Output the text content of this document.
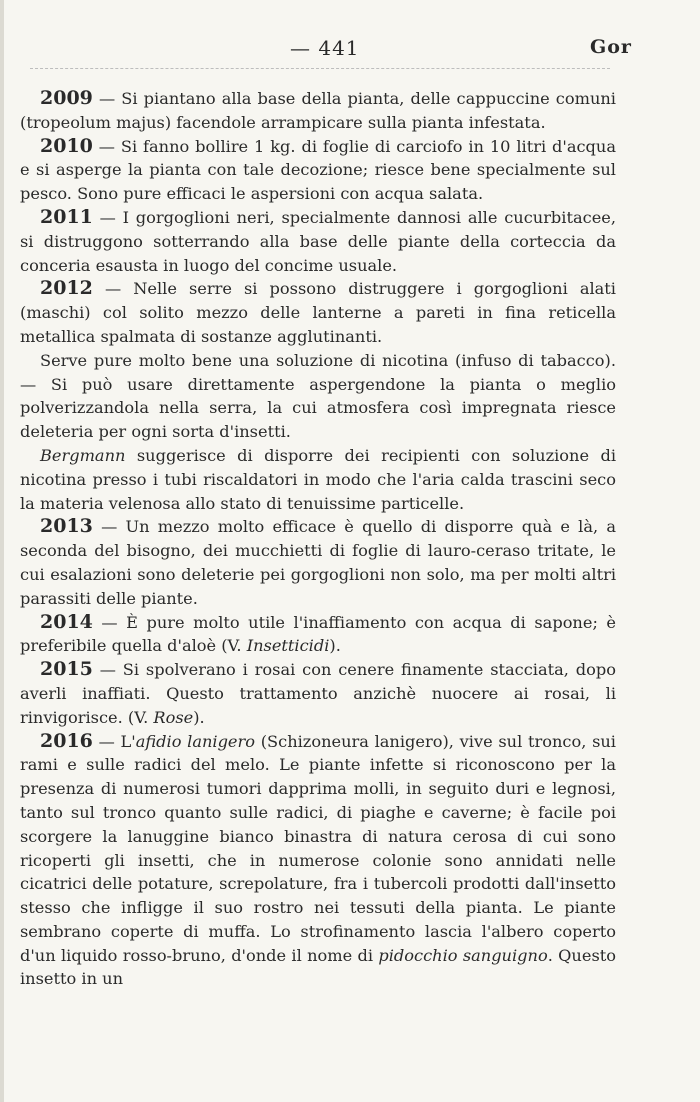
— 441	Gor

2009 — Si piantano alla base della pianta, delle cappuccine comuni (tropeolum majus) facendole arrampicare sulla pianta infestata.

2010 — Si fanno bollire 1 kg. di foglie di carciofo in 10 litri d'acqua e si asperge la pianta con tale decozione; riesce bene specialmente sul pesco. Sono pure efficaci le aspersioni con acqua salata.

2011 — I gorgoglioni neri, specialmente dannosi alle cucurbitacee, si distruggono sotterrando alla base delle piante della corteccia da conceria esausta in luogo del concime usuale.

2012 — Nelle serre si possono distruggere i gorgoglioni alati (maschi) col solito mezzo delle lanterne a pareti in fina reticella metallica spalmata di sostanze agglutinanti.

Serve pure molto bene una soluzione di nicotina (infuso di tabacco). — Si può usare direttamente aspergendone la pianta o meglio polverizzandola nella serra, la cui atmosfera così impregnata riesce deleteria per ogni sorta d'insetti.

Bergmann suggerisce di disporre dei recipienti con soluzione di nicotina presso i tubi riscaldatori in modo che l'aria calda trascini seco la materia velenosa allo stato di tenuissime particelle.

2013 — Un mezzo molto efficace è quello di disporre quà e là, a seconda del bisogno, dei mucchietti di foglie di lauro-ceraso tritate, le cui esalazioni sono deleterie pei gorgoglioni non solo, ma per molti altri parassiti delle piante.

2014 — È pure molto utile l'inaffiamento con acqua di sapone; è preferibile quella d'aloè (V. Insetticidi).

2015 — Si spolverano i rosai con cenere finamente stacciata, dopo averli inaffiati. Questo trattamento anzichè nuocere ai rosai, li rinvigorisce. (V. Rose).

2016 — L'afidio lanigero (Schizoneura lanigero), vive sul tronco, sui rami e sulle radici del melo. Le piante infette si riconoscono per la presenza di numerosi tumori dapprima molli, in seguito duri e legnosi, tanto sul tronco quanto sulle radici, di piaghe e caverne; è facile poi scorgere la lanuggine bianco binastra di natura cerosa di cui sono ricoperti gli insetti, che in numerose colonie sono annidati nelle cicatrici delle potature, screpolature, fra i tubercoli prodotti dall'insetto stesso che infligge il suo rostro nei tessuti della pianta. Le piante sembrano coperte di muffa. Lo strofinamento lascia l'albero coperto d'un liquido rosso-bruno, d'onde il nome di pidocchio sanguigno. Questo insetto in un
